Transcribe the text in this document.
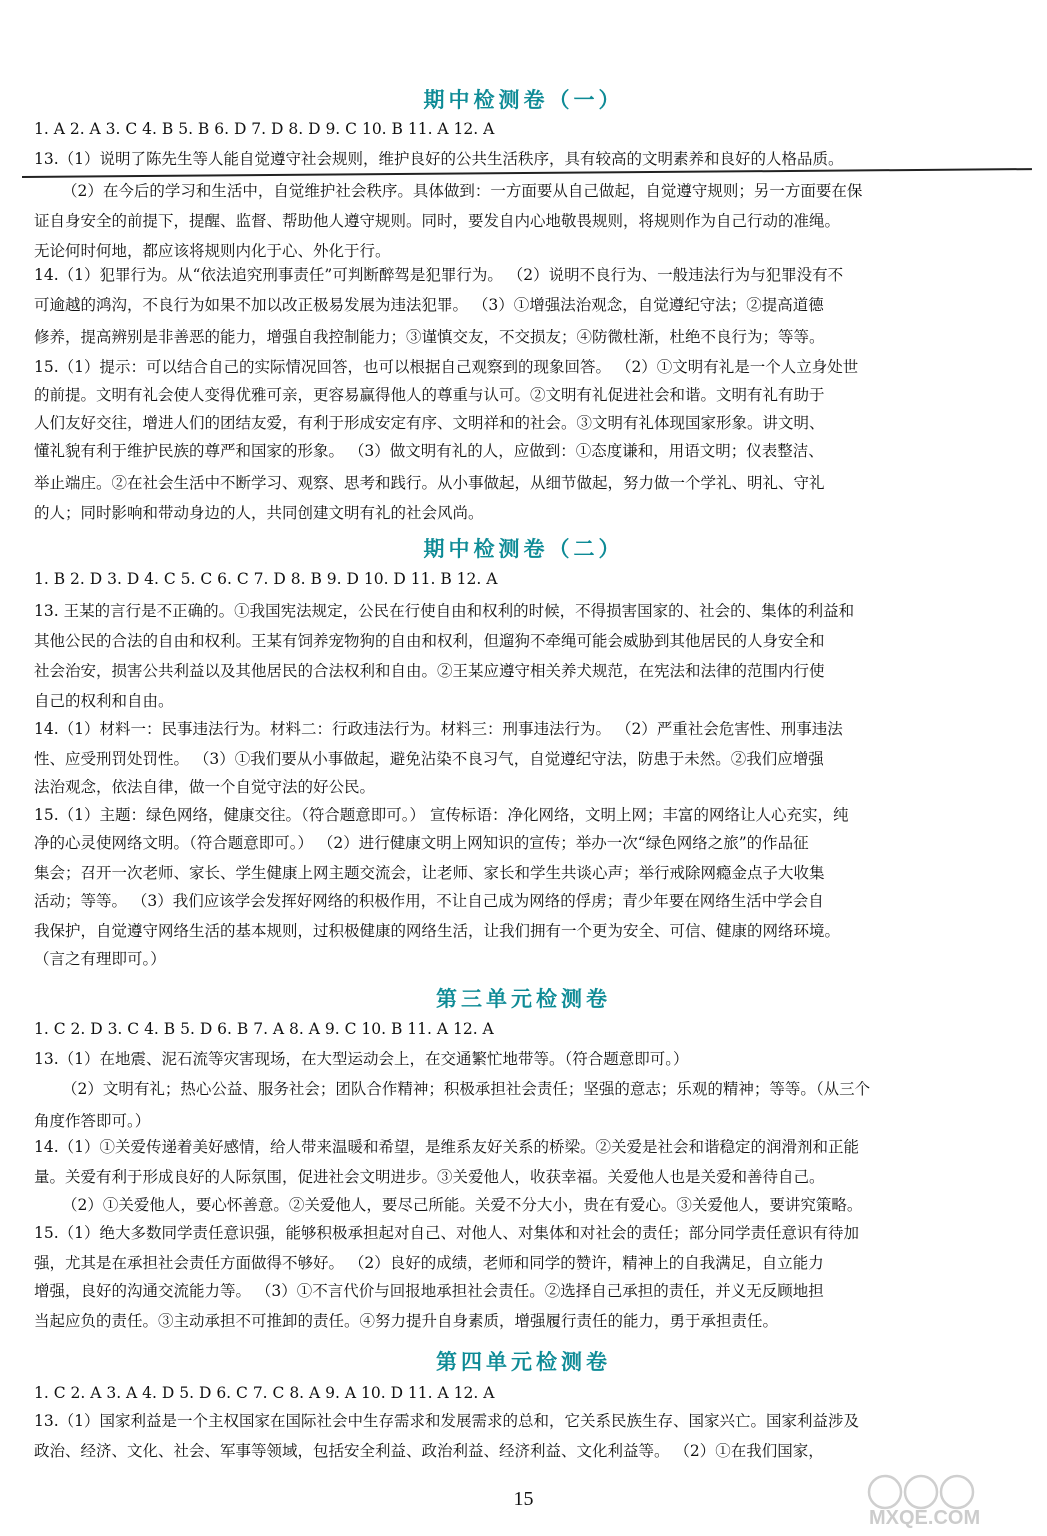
期中检测卷（一）
1. A 2. A 3. C 4. B 5. B 6. D 7. D 8. D 9. C 10. B 11. A 12. A
13.（1）说明了陈先生等人能自觉遵守社会规则，维护良好的公共生活秩序，具有较高的文明素养和良好的人格品质。
（2）在今后的学习和生活中，自觉维护社会秩序。具体做到：一方面要从自己做起，自觉遵守规则；另一方面要在保
证自身安全的前提下，提醒、监督、帮助他人遵守规则。同时，要发自内心地敬畏规则，将规则作为自己行动的准绳。
无论何时何地，都应该将规则内化于心、外化于行。
14.（1）犯罪行为。从“依法追究刑事责任”可判断醉驾是犯罪行为。 （2）说明不良行为、一般违法行为与犯罪没有不
可逾越的鸿沟，不良行为如果不加以改正极易发展为违法犯罪。 （3）①增强法治观念，自觉遵纪守法；②提高道德
修养，提高辨别是非善恶的能力，增强自我控制能力；③谨慎交友，不交损友；④防微杜渐，杜绝不良行为；等等。
15.（1）提示：可以结合自己的实际情况回答，也可以根据自己观察到的现象回答。 （2）①文明有礼是一个人立身处世
的前提。文明有礼会使人变得优雅可亲，更容易赢得他人的尊重与认可。②文明有礼促进社会和谐。文明有礼有助于
人们友好交往，增进人们的团结友爱，有利于形成安定有序、文明祥和的社会。③文明有礼体现国家形象。讲文明、
懂礼貌有利于维护民族的尊严和国家的形象。 （3）做文明有礼的人，应做到：①态度谦和，用语文明；仪表整洁、
举止端庄。②在社会生活中不断学习、观察、思考和践行。从小事做起，从细节做起，努力做一个学礼、明礼、守礼
的人；同时影响和带动身边的人，共同创建文明有礼的社会风尚。
期中检测卷（二）
1. B 2. D 3. D 4. C 5. C 6. C 7. D 8. B 9. D 10. D 11. B 12. A
13. 王某的言行是不正确的。①我国宪法规定，公民在行使自由和权利的时候，不得损害国家的、社会的、集体的利益和
其他公民的合法的自由和权利。王某有饲养宠物狗的自由和权利，但遛狗不牵绳可能会威胁到其他居民的人身安全和
社会治安，损害公共利益以及其他居民的合法权利和自由。②王某应遵守相关养犬规范，在宪法和法律的范围内行使
自己的权利和自由。
14.（1）材料一：民事违法行为。材料二：行政违法行为。材料三：刑事违法行为。 （2）严重社会危害性、刑事违法
性、应受刑罚处罚性。 （3）①我们要从小事做起，避免沾染不良习气，自觉遵纪守法，防患于未然。②我们应增强
法治观念，依法自律，做一个自觉守法的好公民。
15.（1）主题：绿色网络，健康交往。（符合题意即可。） 宣传标语：净化网络，文明上网；丰富的网络让人心充实，纯
净的心灵使网络文明。（符合题意即可。） （2）进行健康文明上网知识的宣传；举办一次“绿色网络之旅”的作品征
集会；召开一次老师、家长、学生健康上网主题交流会，让老师、家长和学生共谈心声；举行戒除网瘾金点子大收集
活动；等等。 （3）我们应该学会发挥好网络的积极作用，不让自己成为网络的俘虏；青少年要在网络生活中学会自
我保护，自觉遵守网络生活的基本规则，过积极健康的网络生活，让我们拥有一个更为安全、可信、健康的网络环境。
（言之有理即可。）
第三单元检测卷
1. C 2. D 3. C 4. B 5. D 6. B 7. A 8. A 9. C 10. B 11. A 12. A
13.（1）在地震、泥石流等灾害现场，在大型运动会上，在交通繁忙地带等。（符合题意即可。）
（2）文明有礼；热心公益、服务社会；团队合作精神；积极承担社会责任；坚强的意志；乐观的精神；等等。（从三个
角度作答即可。）
14.（1）①关爱传递着美好感情，给人带来温暖和希望，是维系友好关系的桥梁。②关爱是社会和谐稳定的润滑剂和正能
量。关爱有利于形成良好的人际氛围，促进社会文明进步。③关爱他人，收获幸福。关爱他人也是关爱和善待自己。
（2）①关爱他人，要心怀善意。②关爱他人，要尽己所能。关爱不分大小，贵在有爱心。③关爱他人，要讲究策略。
15.（1）绝大多数同学责任意识强，能够积极承担起对自己、对他人、对集体和对社会的责任；部分同学责任意识有待加
强，尤其是在承担社会责任方面做得不够好。 （2）良好的成绩，老师和同学的赞许，精神上的自我满足，自立能力
增强，良好的沟通交流能力等。 （3）①不言代价与回报地承担社会责任。②选择自己承担的责任，并义无反顾地担
当起应负的责任。③主动承担不可推卸的责任。④努力提升自身素质，增强履行责任的能力，勇于承担责任。
第四单元检测卷
1. C 2. A 3. A 4. D 5. D 6. C 7. C 8. A 9. A 10. D 11. A 12. A
13.（1）国家利益是一个主权国家在国际社会中生存需求和发展需求的总和，它关系民族生存、国家兴亡。国家利益涉及
政治、经济、文化、社会、军事等领域，包括安全利益、政治利益、经济利益、文化利益等。 （2）①在我们国家，
15
MXQE.COM
